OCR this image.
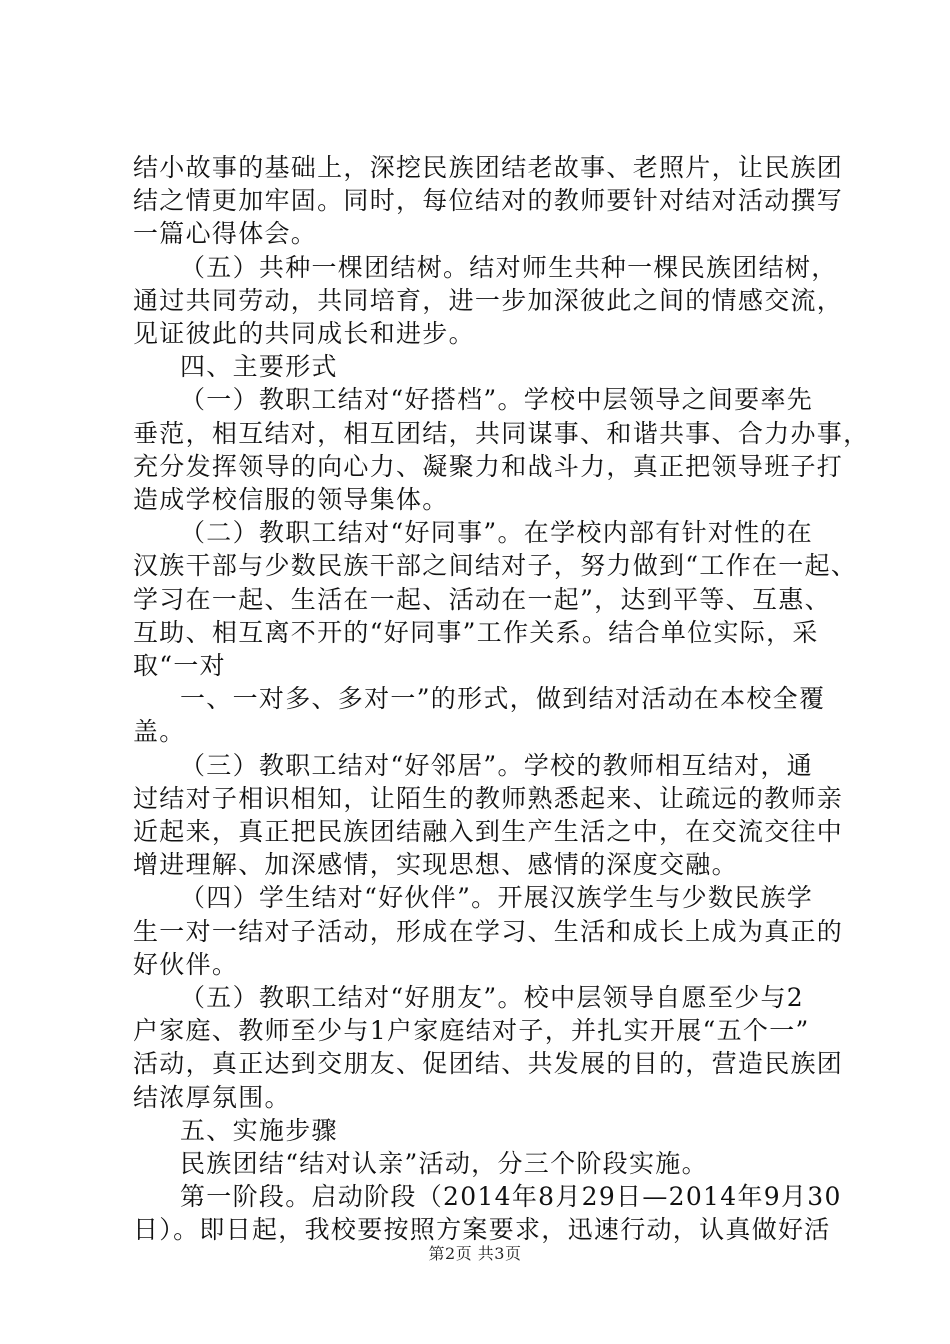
结小故事的基础上，深挖民族团结老故事、老照片，让民族团
结之情更加牢固。同时，每位结对的教师要针对结对活动撰写
一篇心得体会。
（五）共种一棵团结树。结对师生共种一棵民族团结树，
通过共同劳动，共同培育，进一步加深彼此之间的情感交流，
见证彼此的共同成长和进步。
四、主要形式
（一）教职工结对“好搭档”。学校中层领导之间要率先
垂范，相互结对，相互团结，共同谋事、和谐共事、合力办事，
充分发挥领导的向心力、凝聚力和战斗力，真正把领导班子打
造成学校信服的领导集体。
（二）教职工结对“好同事”。在学校内部有针对性的在
汉族干部与少数民族干部之间结对子，努力做到“工作在一起、
学习在一起、生活在一起、活动在一起”，达到平等、互惠、
互助、相互离不开的“好同事”工作关系。结合单位实际，采
取“一对
一、一对多、多对一”的形式，做到结对活动在本校全覆
盖。
（三）教职工结对“好邻居”。学校的教师相互结对，通
过结对子相识相知，让陌生的教师熟悉起来、让疏远的教师亲
近起来，真正把民族团结融入到生产生活之中，在交流交往中
增进理解、加深感情，实现思想、感情的深度交融。
（四）学生结对“好伙伴”。开展汉族学生与少数民族学
生一对一结对子活动，形成在学习、生活和成长上成为真正的
好伙伴。
（五）教职工结对“好朋友”。校中层领导自愿至少与2
户家庭、教师至少与1户家庭结对子，并扎实开展“五个一”
活动，真正达到交朋友、促团结、共发展的目的，营造民族团
结浓厚氛围。
五、实施步骤
民族团结“结对认亲”活动，分三个阶段实施。
第一阶段。启动阶段（2014年8月29日—2014年9月30
日）。即日起，我校要按照方案要求，迅速行动，认真做好活
第2页 共3页
